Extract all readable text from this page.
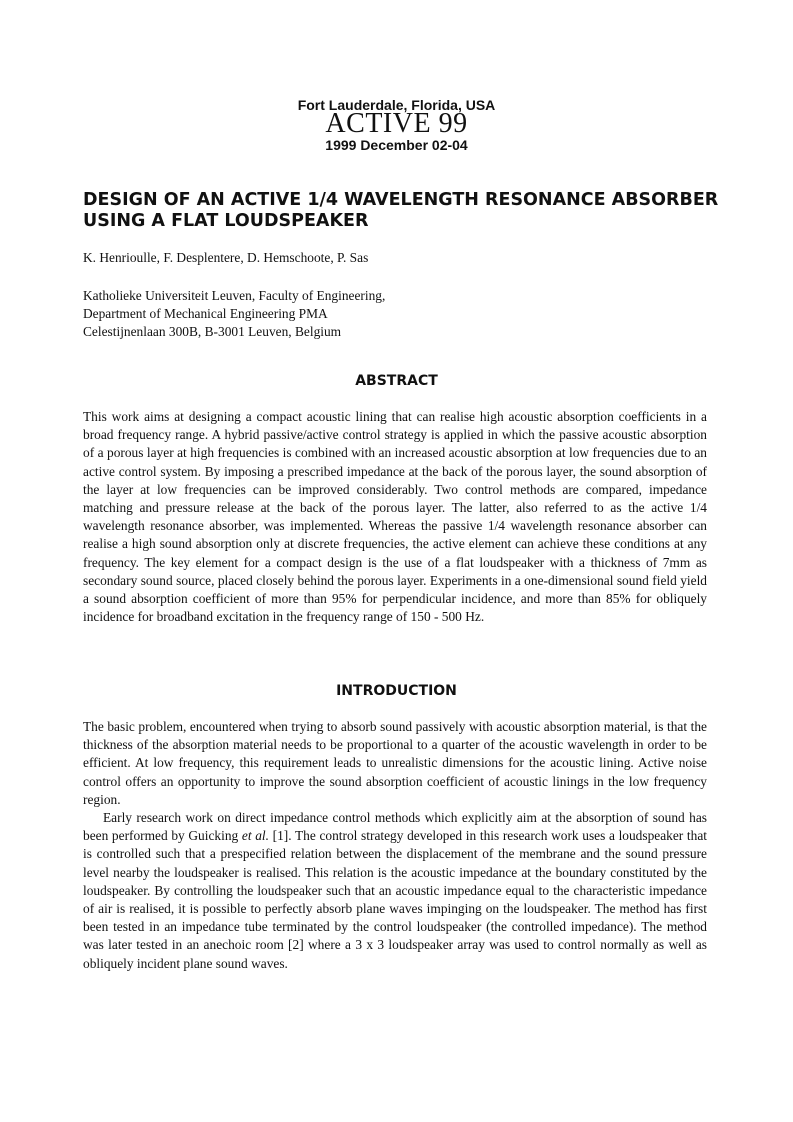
Fort Lauderdale, Florida, USA
ACTIVE 99
1999 December 02-04
DESIGN OF AN ACTIVE 1/4 WAVELENGTH RESONANCE ABSORBER USING A FLAT LOUDSPEAKER
K. Henrioulle, F. Desplentere, D. Hemschoote, P. Sas
Katholieke Universiteit Leuven, Faculty of Engineering,
Department of Mechanical Engineering PMA
Celestijnenlaan 300B, B-3001 Leuven, Belgium
ABSTRACT

This work aims at designing a compact acoustic lining that can realise high acoustic absorption coefficients in a broad frequency range. A hybrid passive/active control strategy is applied in which the passive acoustic absorption of a porous layer at high frequencies is combined with an increased acoustic absorption at low frequencies due to an active control system. By imposing a prescribed impedance at the back of the porous layer, the sound absorption of the layer at low frequencies can be improved considerably. Two control methods are compared, impedance matching and pressure release at the back of the porous layer. The latter, also referred to as the active 1/4 wavelength resonance absorber, was implemented. Whereas the passive 1/4 wavelength resonance absorber can realise a high sound absorption only at discrete frequencies, the active element can achieve these conditions at any frequency. The key element for a compact design is the use of a flat loudspeaker with a thickness of 7mm as secondary sound source, placed closely behind the porous layer. Experiments in a one-dimensional sound field yield a sound absorption coefficient of more than 95% for perpendicular incidence, and more than 85% for obliquely incidence for broadband excitation in the frequency range of 150 - 500 Hz.

INTRODUCTION

The basic problem, encountered when trying to absorb sound passively with acoustic absorption material, is that the thickness of the absorption material needs to be proportional to a quarter of the acoustic wavelength in order to be efficient. At low frequency, this requirement leads to unrealistic dimensions for the acoustic lining. Active noise control offers an opportunity to improve the sound absorption coefficient of acoustic linings in the low frequency region.

Early research work on direct impedance control methods which explicitly aim at the absorption of sound has been performed by Guicking et al. [1]. The control strategy developed in this research work uses a loudspeaker that is controlled such that a prespecified relation between the displacement of the membrane and the sound pressure level nearby the loudspeaker is realised. This relation is the acoustic impedance at the boundary constituted by the loudspeaker. By controlling the loudspeaker such that an acoustic impedance equal to the characteristic impedance of air is realised, it is possible to perfectly absorb plane waves impinging on the loudspeaker. The method has first been tested in an impedance tube terminated by the control loudspeaker (the controlled impedance). The method was later tested in an anechoic room [2] where a 3 x 3 loudspeaker array was used to control normally as well as obliquely incident plane sound waves.
